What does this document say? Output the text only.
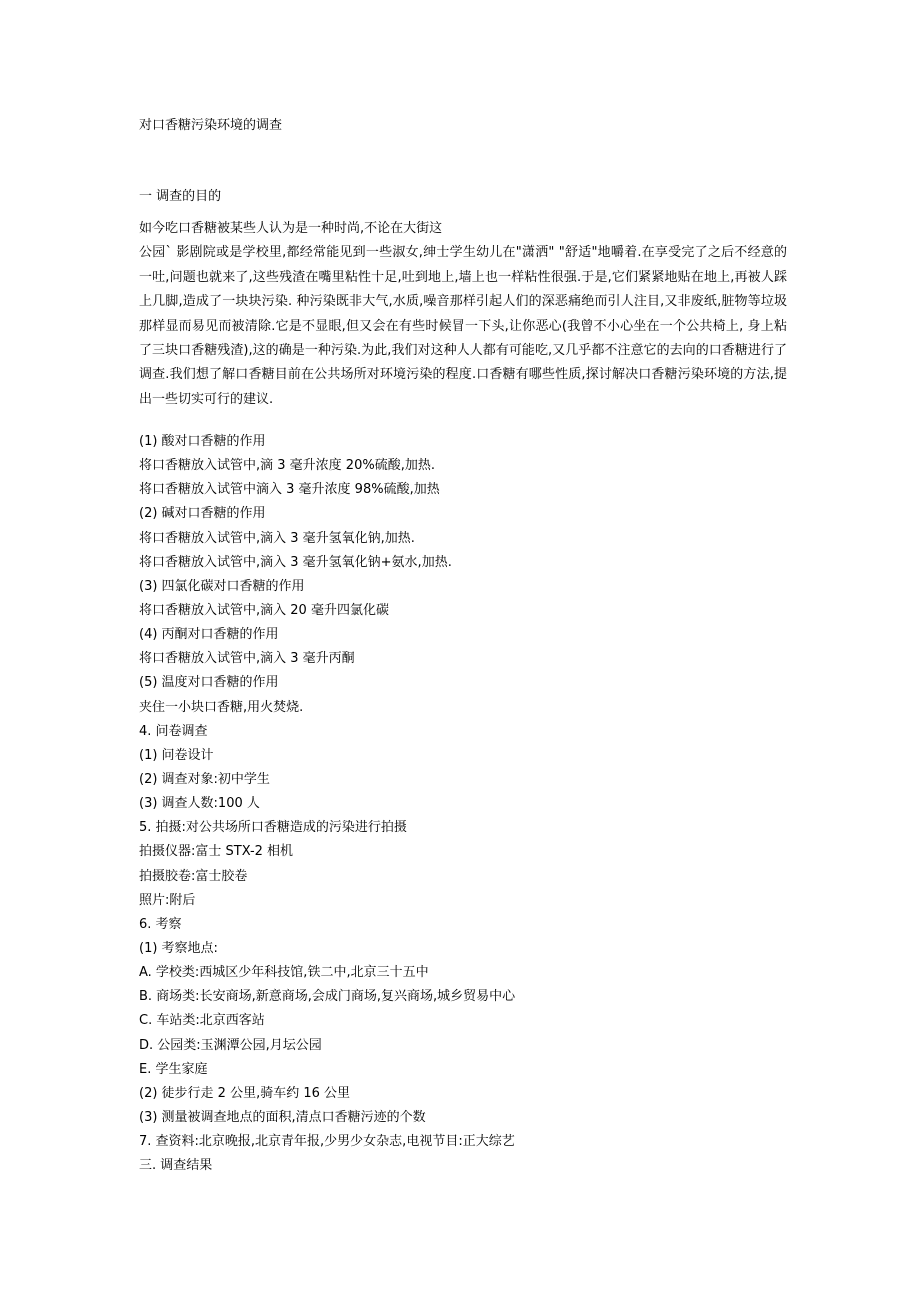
对口香糖污染环境的调查
一 调查的目的

如今吃口香糖被某些人认为是一种时尚,不论在大街这

公园` 影剧院或是学校里,都经常能见到一些淑女,绅士学生幼儿在"潇洒" "舒适"地嚼着.在享受完了之后不经意的一吐,问题也就来了,这些残渣在嘴里粘性十足,吐到地上,墙上也一样粘性很强.于是,它们紧紧地贴在地上,再被人踩上几脚,造成了一块块污染. 种污染既非大气,水质,噪音那样引起人们的深恶痛绝而引人注目,又非废纸,脏物等垃圾那样显而易见而被清除.它是不显眼,但又会在有些时候冒一下头,让你恶心(我曾不小心坐在一个公共椅上, 身上粘了三块口香糖残渣),这的确是一种污染.为此,我们对这种人人都有可能吃,又几乎都不注意它的去向的口香糖进行了调查.我们想了解口香糖目前在公共场所对环境污染的程度.口香糖有哪些性质,探讨解决口香糖污染环境的方法,提出一些切实可行的建议.

(1) 酸对口香糖的作用
将口香糖放入试管中,滴 3 毫升浓度 20%硫酸,加热.
将口香糖放入试管中滴入 3 毫升浓度 98%硫酸,加热
(2) 碱对口香糖的作用
将口香糖放入试管中,滴入 3 毫升氢氧化钠,加热.
将口香糖放入试管中,滴入 3 毫升氢氧化钠+氨水,加热.
(3) 四氯化碳对口香糖的作用
将口香糖放入试管中,滴入 20 毫升四氯化碳
(4) 丙酮对口香糖的作用
将口香糖放入试管中,滴入 3 毫升丙酮
(5) 温度对口香糖的作用
夹住一小块口香糖,用火焚烧.
4. 问卷调查
(1) 问卷设计
(2) 调查对象:初中学生
(3) 调查人数:100 人
5. 拍摄:对公共场所口香糖造成的污染进行拍摄
拍摄仪器:富士 STX-2 相机
拍摄胶卷:富士胶卷
照片:附后
6. 考察
(1) 考察地点:
A. 学校类:西城区少年科技馆,铁二中,北京三十五中
B. 商场类:长安商场,新意商场,会成门商场,复兴商场,城乡贸易中心
C. 车站类:北京西客站
D. 公园类:玉渊潭公园,月坛公园
E. 学生家庭
(2) 徒步行走 2 公里,骑车约 16 公里
(3) 测量被调查地点的面积,清点口香糖污迹的个数
7. 查资料:北京晚报,北京青年报,少男少女杂志,电视节目:正大综艺
三. 调查结果
